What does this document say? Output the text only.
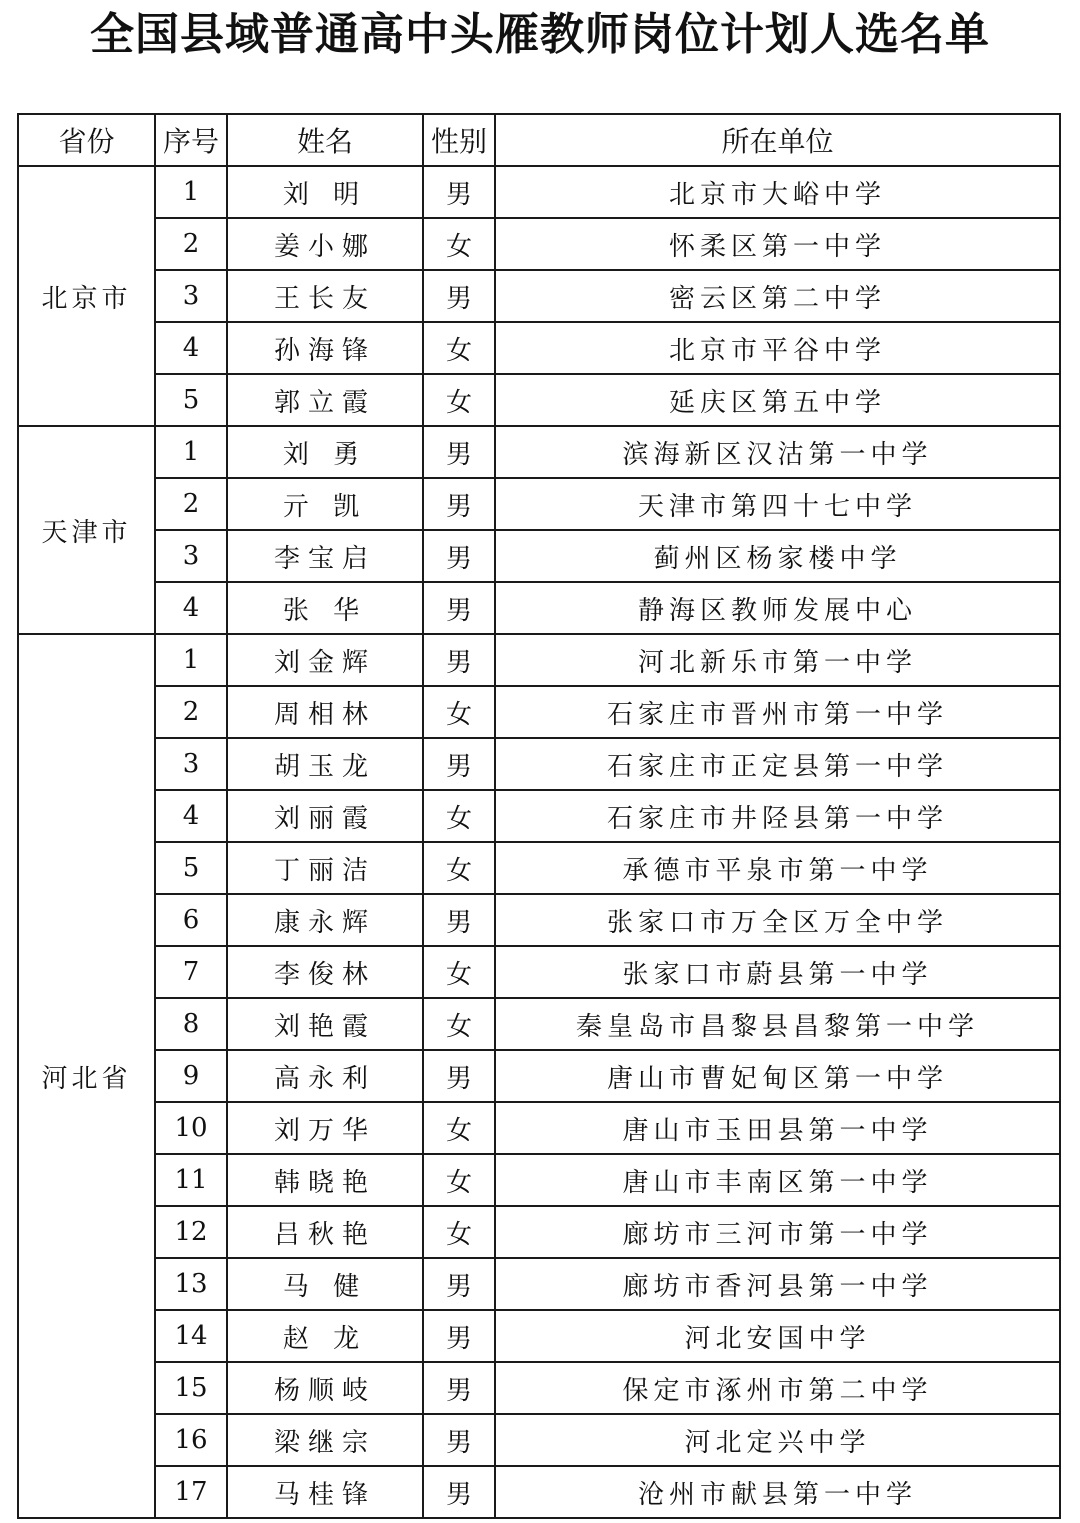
全国县域普通高中头雁教师岗位计划人选名单
省份	序号	姓名	性别	所在单位
北京市	1	刘 明	男	北京市大峪中学
	2	姜小娜	女	怀柔区第一中学
	3	王长友	男	密云区第二中学
	4	孙海锋	女	北京市平谷中学
	5	郭立霞	女	延庆区第五中学
天津市	1	刘 勇	男	滨海新区汉沽第一中学
	2	亓 凯	男	天津市第四十七中学
	3	李宝启	男	蓟州区杨家楼中学
	4	张 华	男	静海区教师发展中心
河北省	1	刘金辉	男	河北新乐市第一中学
	2	周相林	女	石家庄市晋州市第一中学
	3	胡玉龙	男	石家庄市正定县第一中学
	4	刘丽霞	女	石家庄市井陉县第一中学
	5	丁丽洁	女	承德市平泉市第一中学
	6	康永辉	男	张家口市万全区万全中学
	7	李俊林	女	张家口市蔚县第一中学
	8	刘艳霞	女	秦皇岛市昌黎县昌黎第一中学
	9	高永利	男	唐山市曹妃甸区第一中学
	10	刘万华	女	唐山市玉田县第一中学
	11	韩晓艳	女	唐山市丰南区第一中学
	12	吕秋艳	女	廊坊市三河市第一中学
	13	马 健	男	廊坊市香河县第一中学
	14	赵 龙	男	河北安国中学
	15	杨顺岐	男	保定市涿州市第二中学
	16	梁继宗	男	河北定兴中学
	17	马桂锋	男	沧州市献县第一中学
